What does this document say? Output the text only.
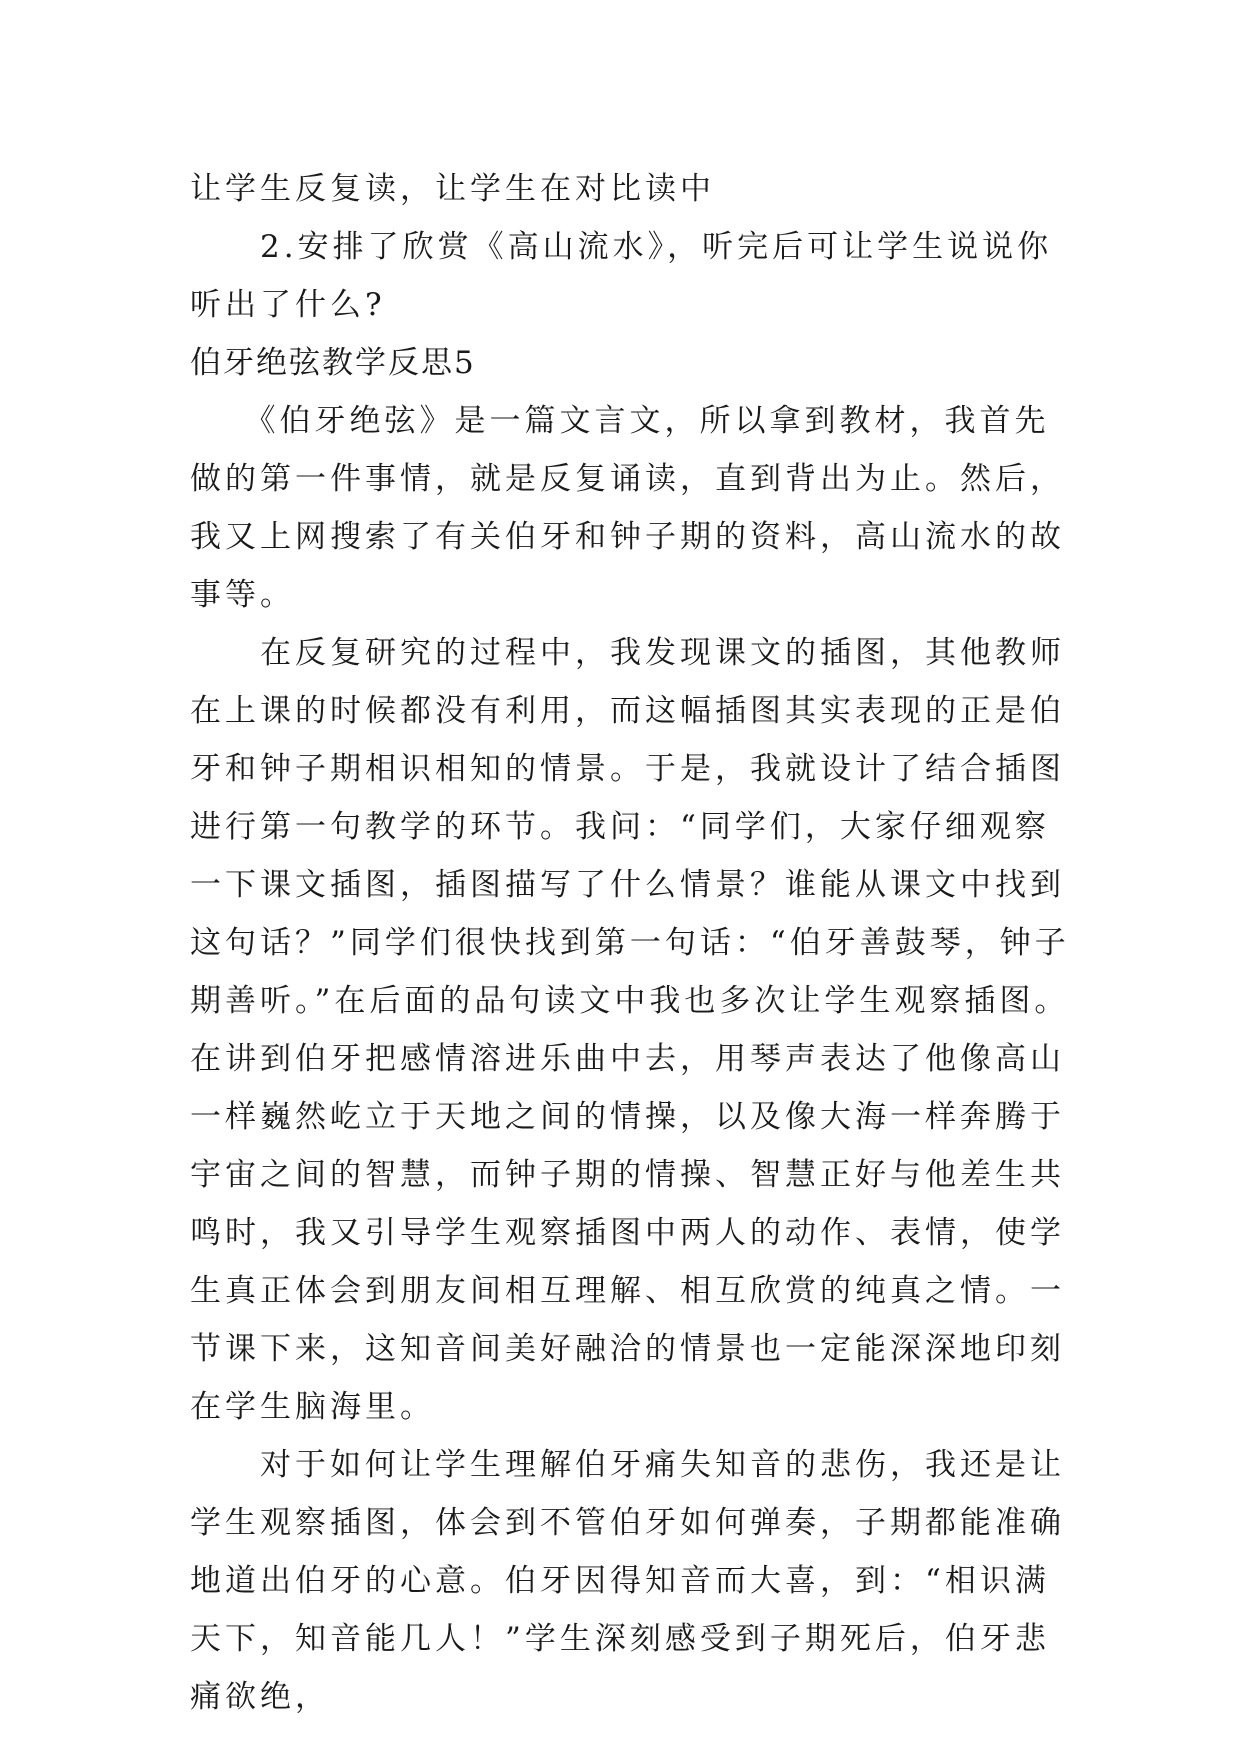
让学生反复读，让学生在对比读中

　　2.安排了欣赏《高山流水》，听完后可让学生说说你听出了什么?

伯牙绝弦教学反思5

　　《伯牙绝弦》是一篇文言文，所以拿到教材，我首先做的第一件事情，就是反复诵读，直到背出为止。然后，我又上网搜索了有关伯牙和钟子期的资料，高山流水的故事等。

　　在反复研究的过程中，我发现课文的插图，其他教师在上课的时候都没有利用，而这幅插图其实表现的正是伯牙和钟子期相识相知的情景。于是，我就设计了结合插图进行第一句教学的环节。我问：“同学们，大家仔细观察一下课文插图，插图描写了什么情景？谁能从课文中找到这句话？”同学们很快找到第一句话：“伯牙善鼓琴，钟子期善听。”在后面的品句读文中我也多次让学生观察插图。在讲到伯牙把感情溶进乐曲中去，用琴声表达了他像高山一样巍然屹立于天地之间的情操，以及像大海一样奔腾于宇宙之间的智慧，而钟子期的情操、智慧正好与他差生共鸣时，我又引导学生观察插图中两人的动作、表情，使学生真正体会到朋友间相互理解、相互欣赏的纯真之情。一节课下来，这知音间美好融洽的情景也一定能深深地印刻在学生脑海里。

　　对于如何让学生理解伯牙痛失知音的悲伤，我还是让学生观察插图，体会到不管伯牙如何弹奏，子期都能准确地道出伯牙的心意。伯牙因得知音而大喜，到：“相识满天下，知音能几人！”学生深刻感受到子期死后，伯牙悲痛欲绝，
